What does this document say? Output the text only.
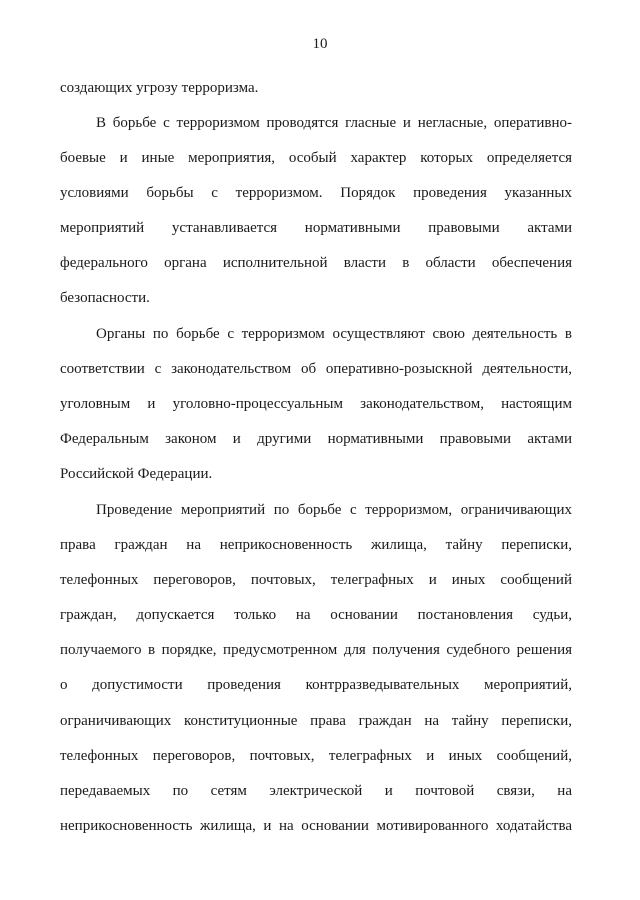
10
создающих угрозу терроризма.
В борьбе с терроризмом проводятся гласные и негласные, оперативно-
боевые и иные мероприятия, особый характер которых определяется
условиями борьбы с терроризмом. Порядок проведения указанных
мероприятий устанавливается нормативными правовыми актами
федерального органа исполнительной власти в области обеспечения
безопасности.
Органы по борьбе с терроризмом осуществляют свою деятельность в
соответствии с законодательством об оперативно-розыскной деятельности,
уголовным и уголовно-процессуальным законодательством, настоящим
Федеральным законом и другими нормативными правовыми актами
Российской Федерации.
Проведение мероприятий по борьбе с терроризмом, ограничивающих
права граждан на неприкосновенность жилища, тайну переписки,
телефонных переговоров, почтовых, телеграфных и иных сообщений
граждан, допускается только на основании постановления судьи,
получаемого в порядке, предусмотренном для получения судебного решения
о допустимости проведения контрразведывательных мероприятий,
ограничивающих конституционные права граждан на тайну переписки,
телефонных переговоров, почтовых, телеграфных и иных сообщений,
передаваемых по сетям электрической и почтовой связи, на
неприкосновенность жилища, и на основании мотивированного ходатайства
